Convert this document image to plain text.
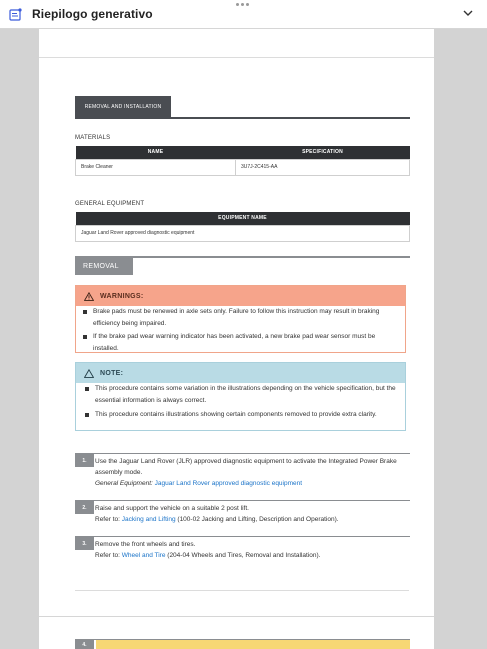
Riepilogo generativo
REMOVAL AND INSTALLATION
MATERIALS
NAME	SPECIFICATION
Brake Cleaner	3U7J-2C415-AA
GENERAL EQUIPMENT
EQUIPMENT NAME
Jaguar Land Rover approved diagnostic equipment
REMOVAL
WARNINGS:
Brake pads must be renewed in axle sets only. Failure to follow this instruction may result in braking
efficiency being impaired.
If the brake pad wear warning indicator has been activated, a new brake pad wear sensor must be
installed.
NOTE:
This procedure contains some variation in the illustrations depending on the vehicle specification, but the
essential information is always correct.
This procedure contains illustrations showing certain components removed to provide extra clarity.
1.	Use the Jaguar Land Rover (JLR) approved diagnostic equipment to activate the Integrated Power Brake
assembly mode.
General Equipment: Jaguar Land Rover approved diagnostic equipment
2.	Raise and support the vehicle on a suitable 2 post lift.
Refer to: Jacking and Lifting (100-02 Jacking and Lifting, Description and Operation).
3.	Remove the front wheels and tires.
Refer to: Wheel and Tire (204-04 Wheels and Tires, Removal and Installation).
4.
